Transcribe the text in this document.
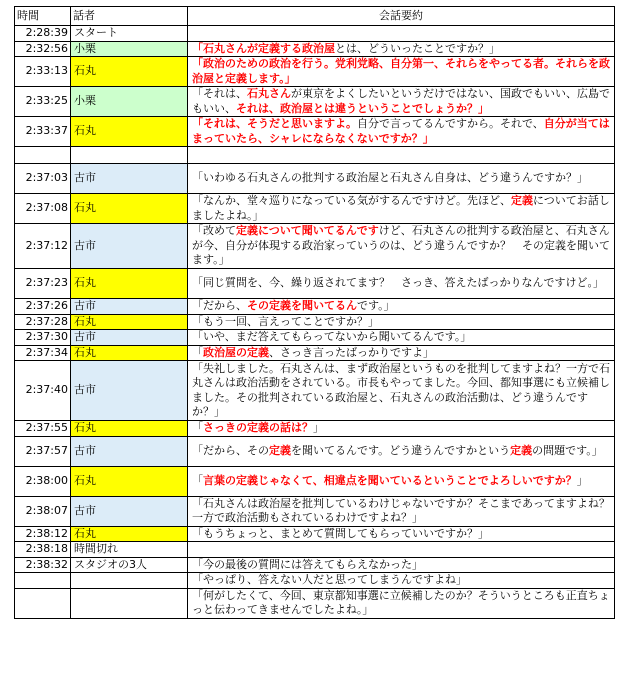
時間	話者	会話要約
2:28:39	スタート	
2:32:56	小栗	「石丸さんが定義する政治屋とは、どういったことですか？」
2:33:13	石丸	「政治のための政治を行う。党利党略、自分第一、それらをやってる者。それらを政治屋と定義します。」
2:33:25	小栗	「それは、石丸さんが東京をよくしたいというだけではない、国政でもいい、広島でもいい、それは、政治屋とは違うということでしょうか？」
2:33:37	石丸	「それは、そうだと思いますよ。自分で言ってるんですから。それで、自分が当てはまっていたら、シャレにならなくないですか？」

2:37:03	古市	「いわゆる石丸さんの批判する政治屋と石丸さん自身は、どう違うんですか？」
2:37:08	石丸	「なんか、堂々巡りになっている気がするんですけど。先ほど、定義についてお話しましたよね。」
2:37:12	古市	「改めて定義について聞いてるんですけど、石丸さんの批判する政治屋と、石丸さんが今、自分が体現する政治家っていうのは、どう違うんですか？　その定義を聞いてます。」
2:37:23	石丸	「同じ質問を、今、繰り返されてます？　さっき、答えたばっかりなんですけど。」
2:37:26	古市	「だから、その定義を聞いてるんです。」
2:37:28	石丸	「もう一回、言えってことですか？」
2:37:30	古市	「いや、まだ答えてもらってないから聞いてるんです。」
2:37:34	石丸	「政治屋の定義、さっき言ったばっかりですよ」
2:37:40	古市	「失礼しました。石丸さんは、まず政治屋というものを批判してますよね？一方で石丸さんは政治活動をされている。市長もやってました。今回、都知事選にも立候補しました。その批判されている政治屋と、石丸さんの政治活動は、どう違うんですか？」
2:37:55	石丸	「さっきの定義の話は？」
2:37:57	古市	「だから、その定義を聞いてるんです。どう違うんですかという定義の問題です。」
2:38:00	石丸	「言葉の定義じゃなくて、相違点を聞いているということでよろしいですか？」
2:38:07	古市	「石丸さんは政治屋を批判しているわけじゃないですか？そこまであってますよね？一方で政治活動もされているわけですよね？」
2:38:12	石丸	「もうちょっと、まとめて質問してもらっていいですか？」
2:38:18	時間切れ	
2:38:32	スタジオの3人	「今の最後の質問には答えてもらえなかった」
		「やっぱり、答えない人だと思ってしまうんですよね」
		「何がしたくて、今回、東京都知事選に立候補したのか？そういうところも正直ちょっと伝わってきませんでしたよね。」
